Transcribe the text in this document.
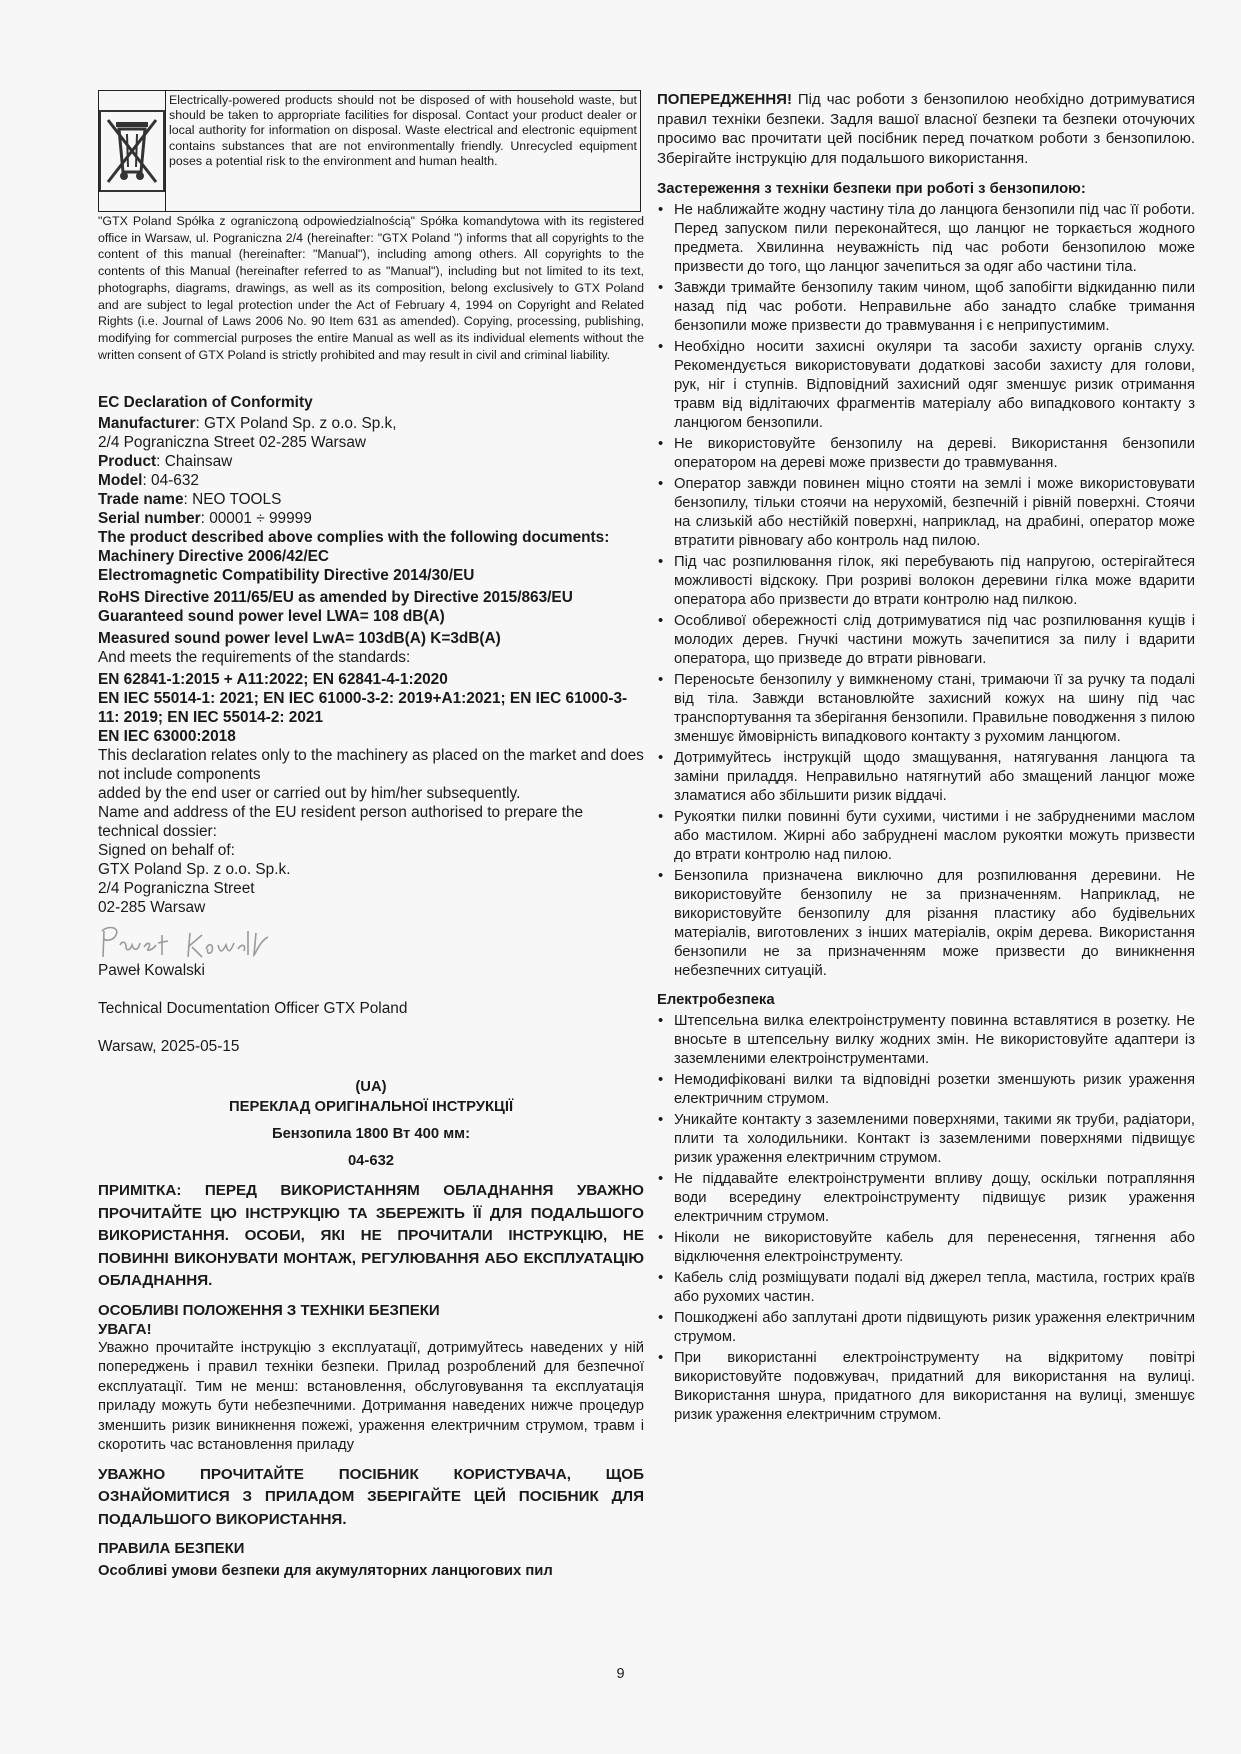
Electrically-powered products should not be disposed of with household waste, but should be taken to appropriate facilities for disposal. Contact your product dealer or local authority for information on disposal. Waste electrical and electronic equipment contains substances that are not environmentally friendly. Unrecycled equipment poses a potential risk to the environment and human health.
"GTX Poland Spółka z ograniczoną odpowiedzialnością" Spółka komandytowa with its registered office in Warsaw, ul. Pograniczna 2/4 (hereinafter: "GTX Poland ") informs that all copyrights to the content of this manual (hereinafter: "Manual"), including among others. All copyrights to the contents of this Manual (hereinafter referred to as "Manual"), including but not limited to its text, photographs, diagrams, drawings, as well as its composition, belong exclusively to GTX Poland and are subject to legal protection under the Act of February 4, 1994 on Copyright and Related Rights (i.e. Journal of Laws 2006 No. 90 Item 631 as amended). Copying, processing, publishing, modifying for commercial purposes the entire Manual as well as its individual elements without the written consent of GTX Poland is strictly prohibited and may result in civil and criminal liability.

EC Declaration of Conformity

Manufacturer: GTX Poland Sp. z o.o. Sp.k,

2/4 Pograniczna Street 02-285 Warsaw

Product: Chainsaw

Model: 04-632

Trade name: NEO TOOLS

Serial number: 00001 ÷ 99999

The product described above complies with the following documents:

Machinery Directive 2006/42/EC

Electromagnetic Compatibility Directive 2014/30/EU

RoHS Directive 2011/65/EU as amended by Directive 2015/863/EU

Guaranteed sound power level LWA= 108 dB(A)

Measured sound power level LwA= 103dB(A) K=3dB(A)

And meets the requirements of the standards:

EN 62841-1:2015 + A11:2022; EN 62841-4-1:2020

EN IEC 55014-1: 2021; EN IEC 61000-3-2: 2019+A1:2021; EN IEC 61000-3-11: 2019; EN IEC 55014-2: 2021

EN IEC 63000:2018

This declaration relates only to the machinery as placed on the market and does not include components

added by the end user or carried out by him/her subsequently.

Name and address of the EU resident person authorised to prepare the technical dossier:

Signed on behalf of:

GTX Poland Sp. z o.o. Sp.k.

2/4 Pograniczna Street

02-285 Warsaw

Paweł Kowalski

Technical Documentation Officer GTX Poland

Warsaw, 2025-05-15

(UA)
ПЕРЕКЛАД ОРИГІНАЛЬНОЇ ІНСТРУКЦІЇ
Бензопила 1800 Вт 400 мм:
04-632
ПРИМІТКА: ПЕРЕД ВИКОРИСТАННЯМ ОБЛАДНАННЯ УВАЖНО ПРОЧИТАЙТЕ ЦЮ ІНСТРУКЦІЮ ТА ЗБЕРЕЖІТЬ ЇЇ ДЛЯ ПОДАЛЬШОГО ВИКОРИСТАННЯ. ОСОБИ, ЯКІ НЕ ПРОЧИТАЛИ ІНСТРУКЦІЮ, НЕ ПОВИННІ ВИКОНУВАТИ МОНТАЖ, РЕГУЛЮВАННЯ АБО ЕКСПЛУАТАЦІЮ ОБЛАДНАННЯ.

ОСОБЛИВІ ПОЛОЖЕННЯ З ТЕХНІКИ БЕЗПЕКИ

УВАГА!

Уважно прочитайте інструкцію з експлуатації, дотримуйтесь наведених у ній попереджень і правил техніки безпеки. Прилад розроблений для безпечної експлуатації. Тим не менш: встановлення, обслуговування та експлуатація приладу можуть бути небезпечними. Дотримання наведених нижче процедур зменшить ризик виникнення пожежі, ураження електричним струмом, травм і скоротить час встановлення приладу
УВАЖНО ПРОЧИТАЙТЕ ПОСІБНИК КОРИСТУВАЧА, ЩОБ ОЗНАЙОМИТИСЯ З ПРИЛАДОМ ЗБЕРІГАЙТЕ ЦЕЙ ПОСІБНИК ДЛЯ ПОДАЛЬШОГО ВИКОРИСТАННЯ.

ПРАВИЛА БЕЗПЕКИ

Особливі умови безпеки для акумуляторних ланцюгових пил

ПОПЕРЕДЖЕННЯ! Під час роботи з бензопилою необхідно дотримуватися правил техніки безпеки. Задля вашої власної безпеки та безпеки оточуючих просимо вас прочитати цей посібник перед початком роботи з бензопилою. Зберігайте інструкцію для подальшого використання.

Застереження з техніки безпеки при роботі з бензопилою:

• Не наближайте жодну частину тіла до ланцюга бензопили під час її роботи. Перед запуском пили переконайтеся, що ланцюг не торкається жодного предмета. Хвилинна неуважність під час роботи бензопилою може призвести до того, що ланцюг зачепиться за одяг або частини тіла.
• Завжди тримайте бензопилу таким чином, щоб запобігти відкиданню пили назад під час роботи. Неправильне або занадто слабке тримання бензопили може призвести до травмування і є неприпустимим.
• Необхідно носити захисні окуляри та засоби захисту органів слуху. Рекомендується використовувати додаткові засоби захисту для голови, рук, ніг і ступнів. Відповідний захисний одяг зменшує ризик отримання травм від відлітаючих фрагментів матеріалу або випадкового контакту з ланцюгом бензопили.
• Не використовуйте бензопилу на дереві. Використання бензопили оператором на дереві може призвести до травмування.
• Оператор завжди повинен міцно стояти на землі і може використовувати бензопилу, тільки стоячи на нерухомій, безпечній і рівній поверхні. Стоячи на слизькій або нестійкій поверхні, наприклад, на драбині, оператор може втратити рівновагу або контроль над пилою.
• Під час розпилювання гілок, які перебувають під напругою, остерігайтеся можливості відскоку. При розриві волокон деревини гілка може вдарити оператора або призвести до втрати контролю над пилкою.
• Особливої обережності слід дотримуватися під час розпилювання кущів і молодих дерев. Гнучкі частини можуть зачепитися за пилу і вдарити оператора, що призведе до втрати рівноваги.
• Переносьте бензопилу у вимкненому стані, тримаючи її за ручку та подалі від тіла. Завжди встановлюйте захисний кожух на шину під час транспортування та зберігання бензопили. Правильне поводження з пилою зменшує ймовірність випадкового контакту з рухомим ланцюгом.
• Дотримуйтесь інструкцій щодо змащування, натягування ланцюга та заміни приладдя. Неправильно натягнутий або змащений ланцюг може зламатися або збільшити ризик віддачі.
• Рукоятки пилки повинні бути сухими, чистими і не забрудненими маслом або мастилом. Жирні або забруднені маслом рукоятки можуть призвести до втрати контролю над пилою.
• Бензопила призначена виключно для розпилювання деревини. Не використовуйте бензопилу не за призначенням. Наприклад, не використовуйте бензопилу для різання пластику або будівельних матеріалів, виготовлених з інших матеріалів, окрім дерева. Використання бензопили не за призначенням може призвести до виникнення небезпечних ситуацій.

Електробезпека

• Штепсельна вилка електроінструменту повинна вставлятися в розетку. Не вносьте в штепсельну вилку жодних змін. Не використовуйте адаптери із заземленими електроінструментами.
• Немодифіковані вилки та відповідні розетки зменшують ризик ураження електричним струмом.
• Уникайте контакту з заземленими поверхнями, такими як труби, радіатори, плити та холодильники. Контакт із заземленими поверхнями підвищує ризик ураження електричним струмом.
• Не піддавайте електроінструменти впливу дощу, оскільки потрапляння води всередину електроінструменту підвищує ризик ураження електричним струмом.
• Ніколи не використовуйте кабель для перенесення, тягнення або відключення електроінструменту.
• Кабель слід розміщувати подалі від джерел тепла, мастила, гострих країв або рухомих частин.
• Пошкоджені або заплутані дроти підвищують ризик ураження електричним струмом.
• При використанні електроінструменту на відкритому повітрі використовуйте подовжувач, придатний для використання на вулиці. Використання шнура, придатного для використання на вулиці, зменшує ризик ураження електричним струмом.
9
